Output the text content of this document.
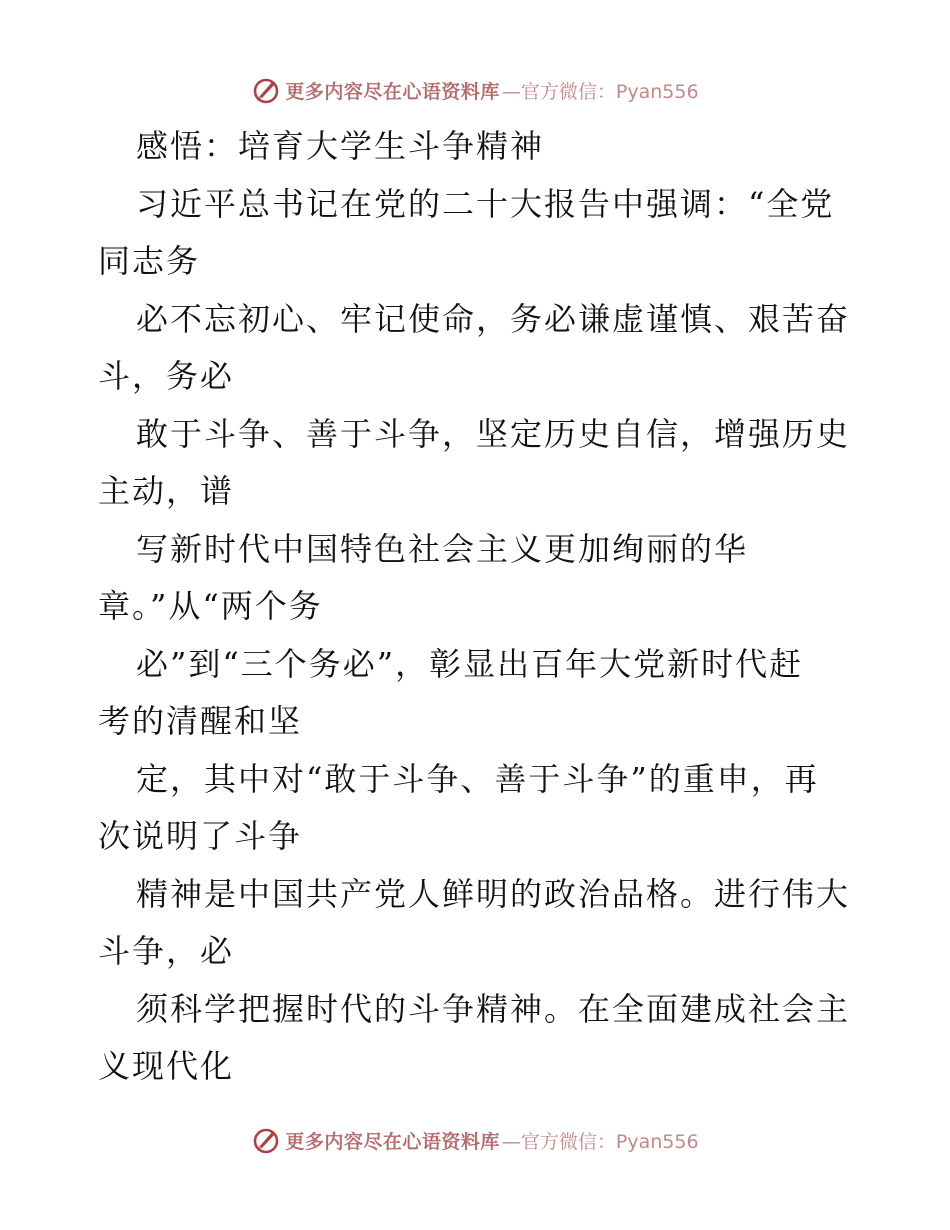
更多内容尽在心语资料库 —官方微信：Pyan556
感悟：培育大学生斗争精神
习近平总书记在党的二十大报告中强调：“全党
同志务
必不忘初心、牢记使命，务必谦虚谨慎、艰苦奋
斗，务必
敢于斗争、善于斗争，坚定历史自信，增强历史
主动，谱
写新时代中国特色社会主义更加绚丽的华
章。”从“两个务
必”到“三个务必”，彰显出百年大党新时代赶
考的清醒和坚
定，其中对“敢于斗争、善于斗争”的重申，再
次说明了斗争
精神是中国共产党人鲜明的政治品格。进行伟大
斗争，必
须科学把握时代的斗争精神。在全面建成社会主
义现代化
更多内容尽在心语资料库 —官方微信：Pyan556
